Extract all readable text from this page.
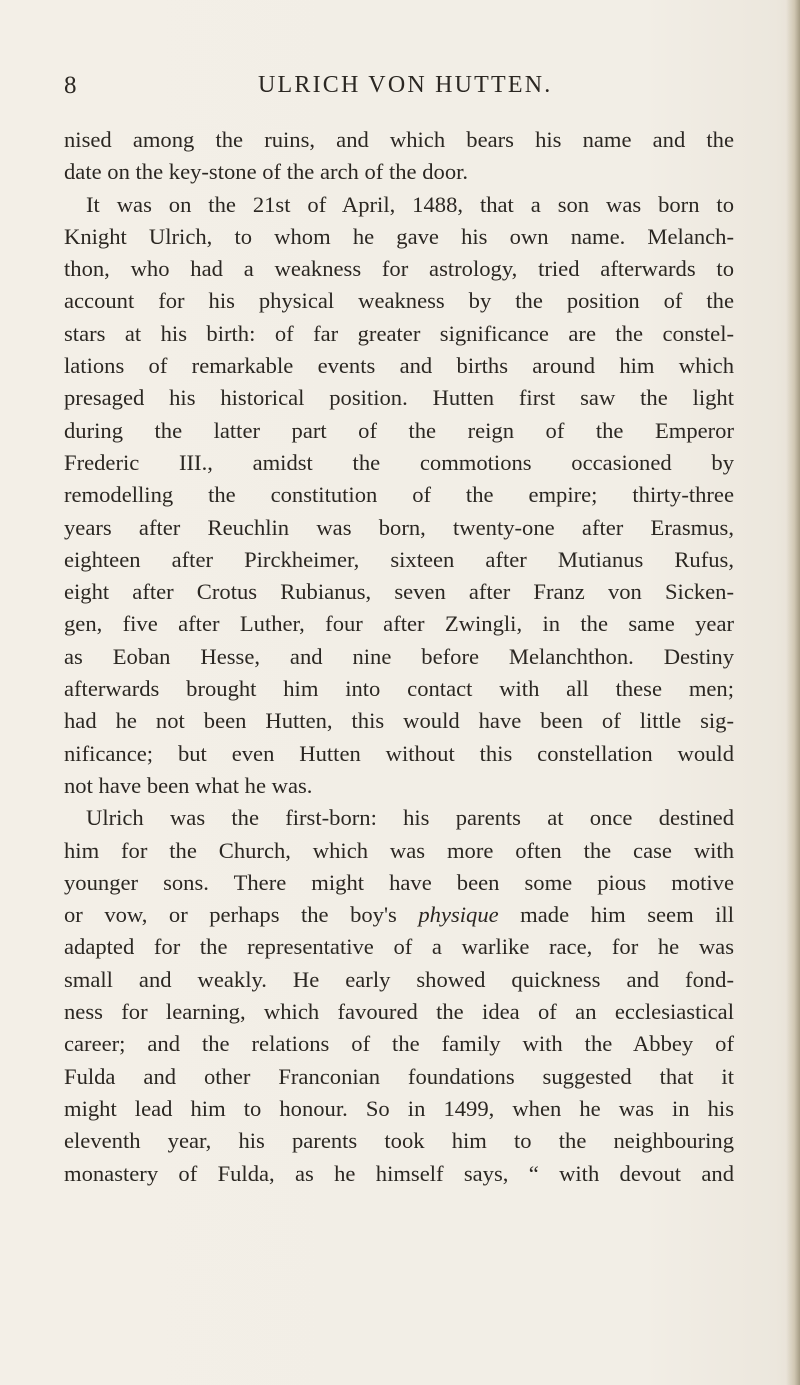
8	ULRICH VON HUTTEN.
nised among the ruins, and which bears his name and the
date on the key-stone of the arch of the door.
It was on the 21st of April, 1488, that a son was born to
Knight Ulrich, to whom he gave his own name. Melanch-
thon, who had a weakness for astrology, tried afterwards to
account for his physical weakness by the position of the
stars at his birth: of far greater significance are the constel-
lations of remarkable events and births around him which
presaged his historical position. Hutten first saw the light
during the latter part of the reign of the Emperor
Frederic III., amidst the commotions occasioned by
remodelling the constitution of the empire; thirty-three
years after Reuchlin was born, twenty-one after Erasmus,
eighteen after Pirckheimer, sixteen after Mutianus Rufus,
eight after Crotus Rubianus, seven after Franz von Sicken-
gen, five after Luther, four after Zwingli, in the same year
as Eoban Hesse, and nine before Melanchthon. Destiny
afterwards brought him into contact with all these men;
had he not been Hutten, this would have been of little sig-
nificance; but even Hutten without this constellation would
not have been what he was.
Ulrich was the first-born: his parents at once destined
him for the Church, which was more often the case with
younger sons. There might have been some pious motive
or vow, or perhaps the boy's physique made him seem ill
adapted for the representative of a warlike race, for he was
small and weakly. He early showed quickness and fond-
ness for learning, which favoured the idea of an ecclesiastical
career; and the relations of the family with the Abbey of
Fulda and other Franconian foundations suggested that it
might lead him to honour. So in 1499, when he was in his
eleventh year, his parents took him to the neighbouring
monastery of Fulda, as he himself says, “ with devout and
